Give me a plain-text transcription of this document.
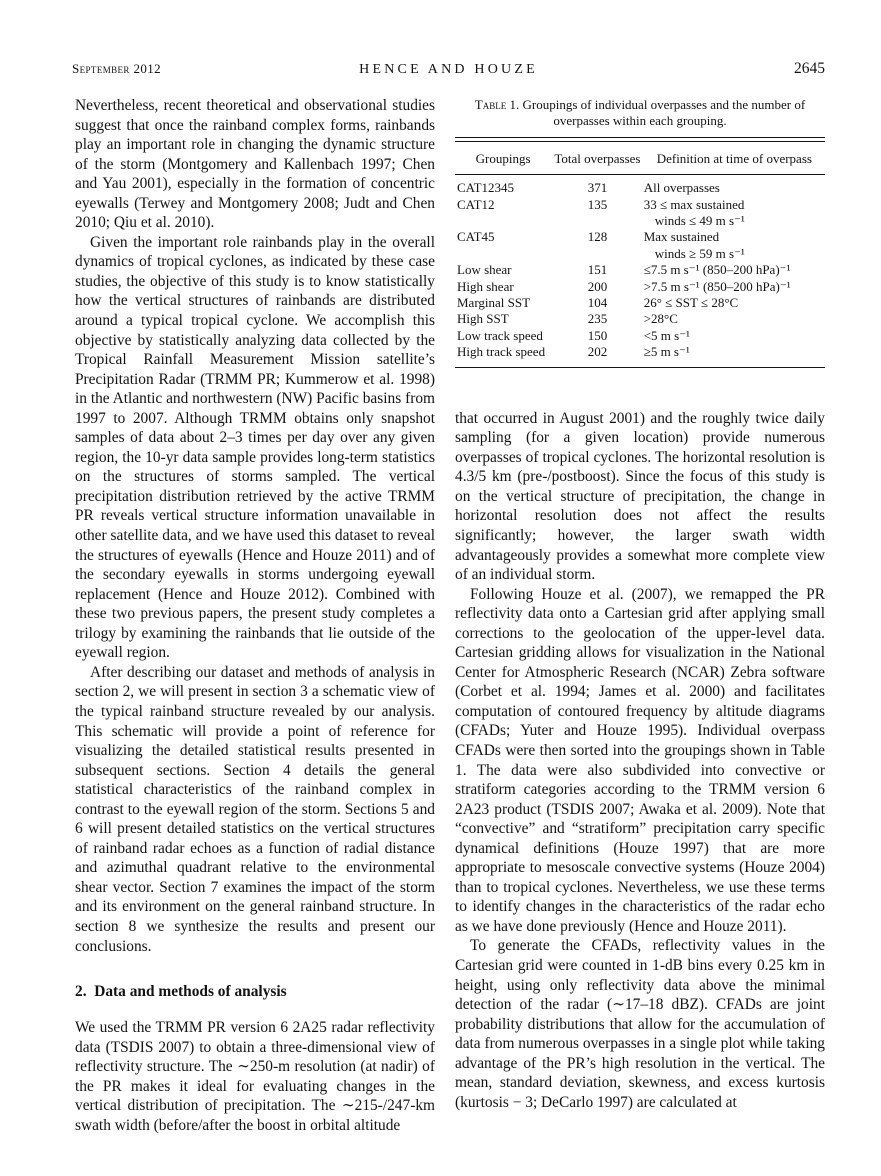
September 2012	HENCE AND HOUZE	2645

Nevertheless, recent theoretical and observational studies suggest that once the rainband complex forms, rainbands play an important role in changing the dynamic structure of the storm (Montgomery and Kallenbach 1997; Chen and Yau 2001), especially in the formation of concentric eyewalls (Terwey and Montgomery 2008; Judt and Chen 2010; Qiu et al. 2010).

Given the important role rainbands play in the overall dynamics of tropical cyclones, as indicated by these case studies, the objective of this study is to know statistically how the vertical structures of rainbands are distributed around a typical tropical cyclone. We accomplish this objective by statistically analyzing data collected by the Tropical Rainfall Measurement Mission satellite’s Precipitation Radar (TRMM PR; Kummerow et al. 1998) in the Atlantic and northwestern (NW) Pacific basins from 1997 to 2007. Although TRMM obtains only snapshot samples of data about 2–3 times per day over any given region, the 10-yr data sample provides long-term statistics on the structures of storms sampled. The vertical precipitation distribution retrieved by the active TRMM PR reveals vertical structure information unavailable in other satellite data, and we have used this dataset to reveal the structures of eyewalls (Hence and Houze 2011) and of the secondary eyewalls in storms undergoing eyewall replacement (Hence and Houze 2012). Combined with these two previous papers, the present study completes a trilogy by examining the rainbands that lie outside of the eyewall region.

After describing our dataset and methods of analysis in section 2, we will present in section 3 a schematic view of the typical rainband structure revealed by our analysis. This schematic will provide a point of reference for visualizing the detailed statistical results presented in subsequent sections. Section 4 details the general statistical characteristics of the rainband complex in contrast to the eyewall region of the storm. Sections 5 and 6 will present detailed statistics on the vertical structures of rainband radar echoes as a function of radial distance and azimuthal quadrant relative to the environmental shear vector. Section 7 examines the impact of the storm and its environment on the general rainband structure. In section 8 we synthesize the results and present our conclusions.

2. Data and methods of analysis

We used the TRMM PR version 6 2A25 radar reflectivity data (TSDIS 2007) to obtain a three-dimensional view of reflectivity structure. The ∼250-m resolution (at nadir) of the PR makes it ideal for evaluating changes in the vertical distribution of precipitation. The ∼215-/247-km swath width (before/after the boost in orbital altitude

Table 1. Groupings of individual overpasses and the number of overpasses within each grouping.
Groupings	Total overpasses	Definition at time of overpass
CAT12345	371	All overpasses
CAT12	135	33 ≤ max sustained
winds ≤ 49 m s⁻¹
CAT45	128	Max sustained
winds ≥ 59 m s⁻¹
Low shear	151	≤7.5 m s⁻¹ (850–200 hPa)⁻¹
High shear	200	>7.5 m s⁻¹ (850–200 hPa)⁻¹
Marginal SST	104	26° ≤ SST ≤ 28°C
High SST	235	>28°C
Low track speed	150	<5 m s⁻¹
High track speed	202	≥5 m s⁻¹

that occurred in August 2001) and the roughly twice daily sampling (for a given location) provide numerous overpasses of tropical cyclones. The horizontal resolution is 4.3/5 km (pre-/postboost). Since the focus of this study is on the vertical structure of precipitation, the change in horizontal resolution does not affect the results significantly; however, the larger swath width advantageously provides a somewhat more complete view of an individual storm.

Following Houze et al. (2007), we remapped the PR reflectivity data onto a Cartesian grid after applying small corrections to the geolocation of the upper-level data. Cartesian gridding allows for visualization in the National Center for Atmospheric Research (NCAR) Zebra software (Corbet et al. 1994; James et al. 2000) and facilitates computation of contoured frequency by altitude diagrams (CFADs; Yuter and Houze 1995). Individual overpass CFADs were then sorted into the groupings shown in Table 1. The data were also subdivided into convective or stratiform categories according to the TRMM version 6 2A23 product (TSDIS 2007; Awaka et al. 2009). Note that “convective” and “stratiform” precipitation carry specific dynamical definitions (Houze 1997) that are more appropriate to mesoscale convective systems (Houze 2004) than to tropical cyclones. Nevertheless, we use these terms to identify changes in the characteristics of the radar echo as we have done previously (Hence and Houze 2011).

To generate the CFADs, reflectivity values in the Cartesian grid were counted in 1-dB bins every 0.25 km in height, using only reflectivity data above the minimal detection of the radar (∼17–18 dBZ). CFADs are joint probability distributions that allow for the accumulation of data from numerous overpasses in a single plot while taking advantage of the PR’s high resolution in the vertical. The mean, standard deviation, skewness, and excess kurtosis (kurtosis − 3; DeCarlo 1997) are calculated at
